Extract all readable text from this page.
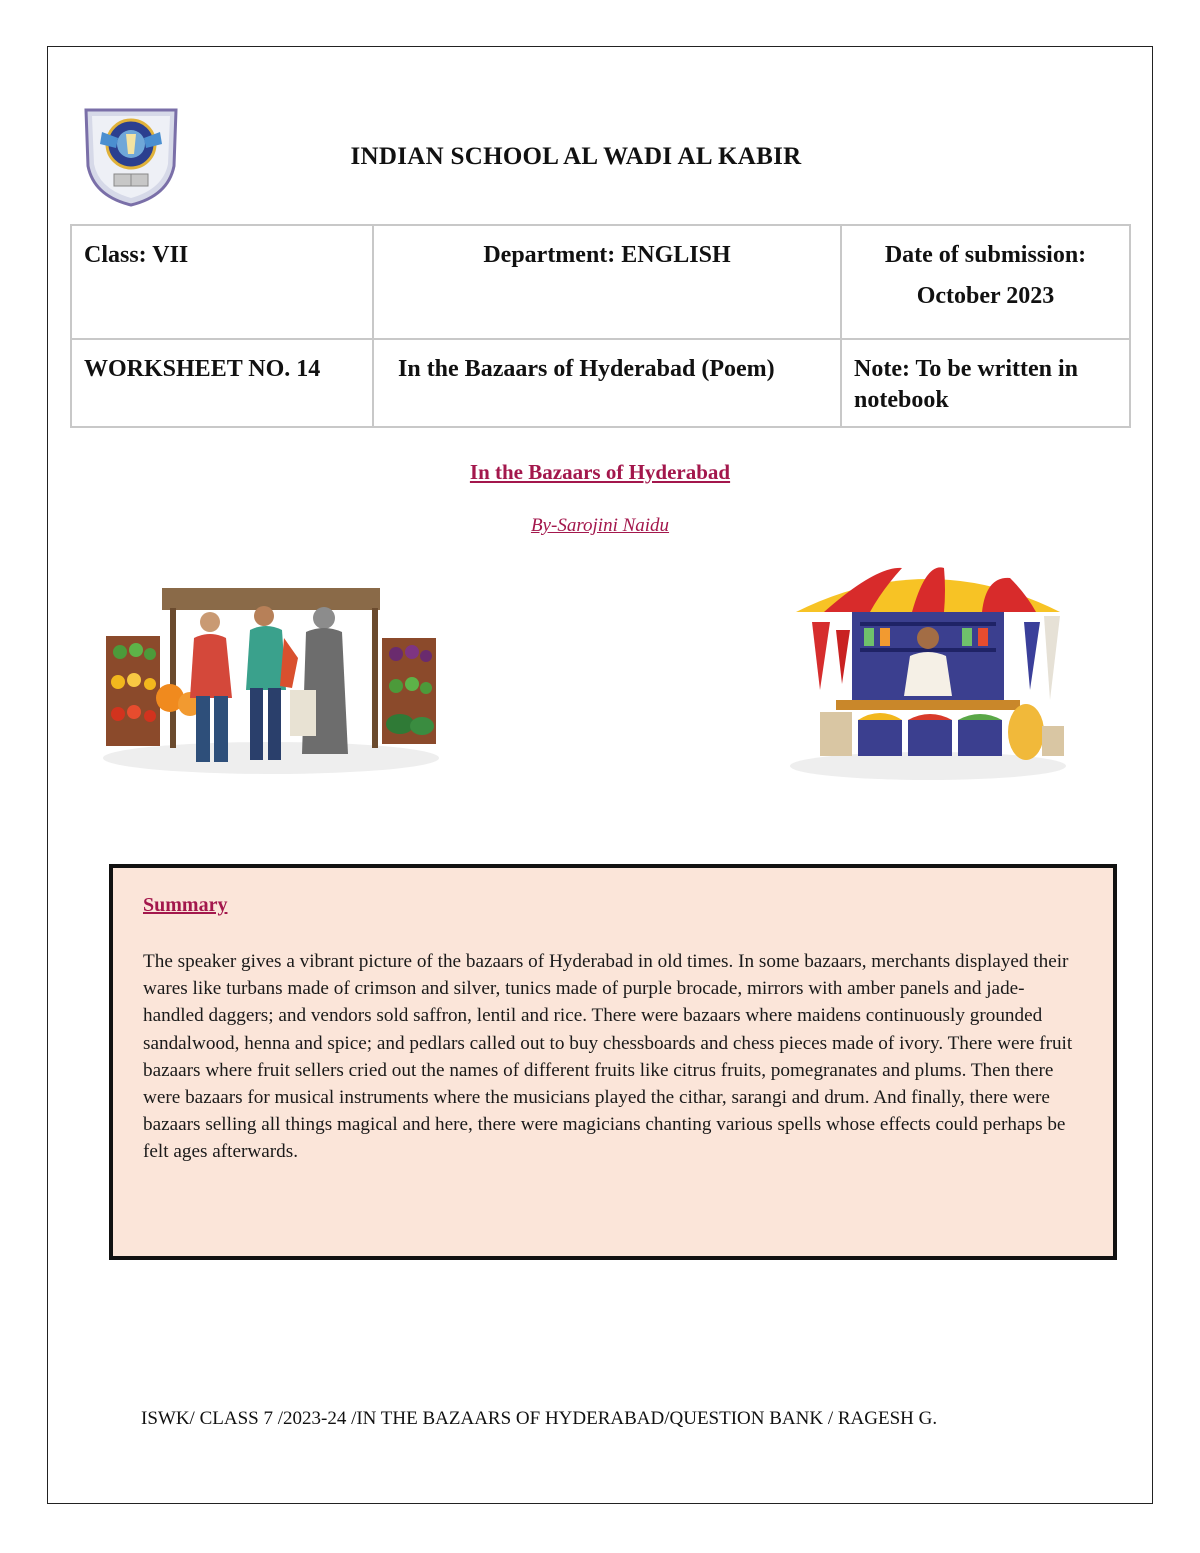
INDIAN SCHOOL AL WADI AL KABIR
Class: VII	Department: ENGLISH	Date of submission:
October 2023

WORKSHEET NO. 14	In the Bazaars of Hyderabad (Poem)	Note: To be written in notebook
In the Bazaars of Hyderabad
By-Sarojini Naidu
Summary
The speaker gives a vibrant picture of the bazaars of Hyderabad in old times. In some bazaars, merchants displayed their wares like turbans made of crimson and silver, tunics made of purple brocade, mirrors with amber panels and jade-handled daggers; and vendors sold saffron, lentil and rice. There were bazaars where maidens continuously grounded sandalwood, henna and spice; and pedlars called out to buy chessboards and chess pieces made of ivory. There were fruit bazaars where fruit sellers cried out the names of different fruits like citrus fruits, pomegranates and plums. Then there were bazaars for musical instruments where the musicians played the cithar, sarangi and drum. And finally, there were bazaars selling all things magical and here, there were magicians chanting various spells whose effects could perhaps be felt ages afterwards.
ISWK/ CLASS 7 /2023-24 /IN THE BAZAARS OF HYDERABAD/QUESTION BANK / RAGESH G.
